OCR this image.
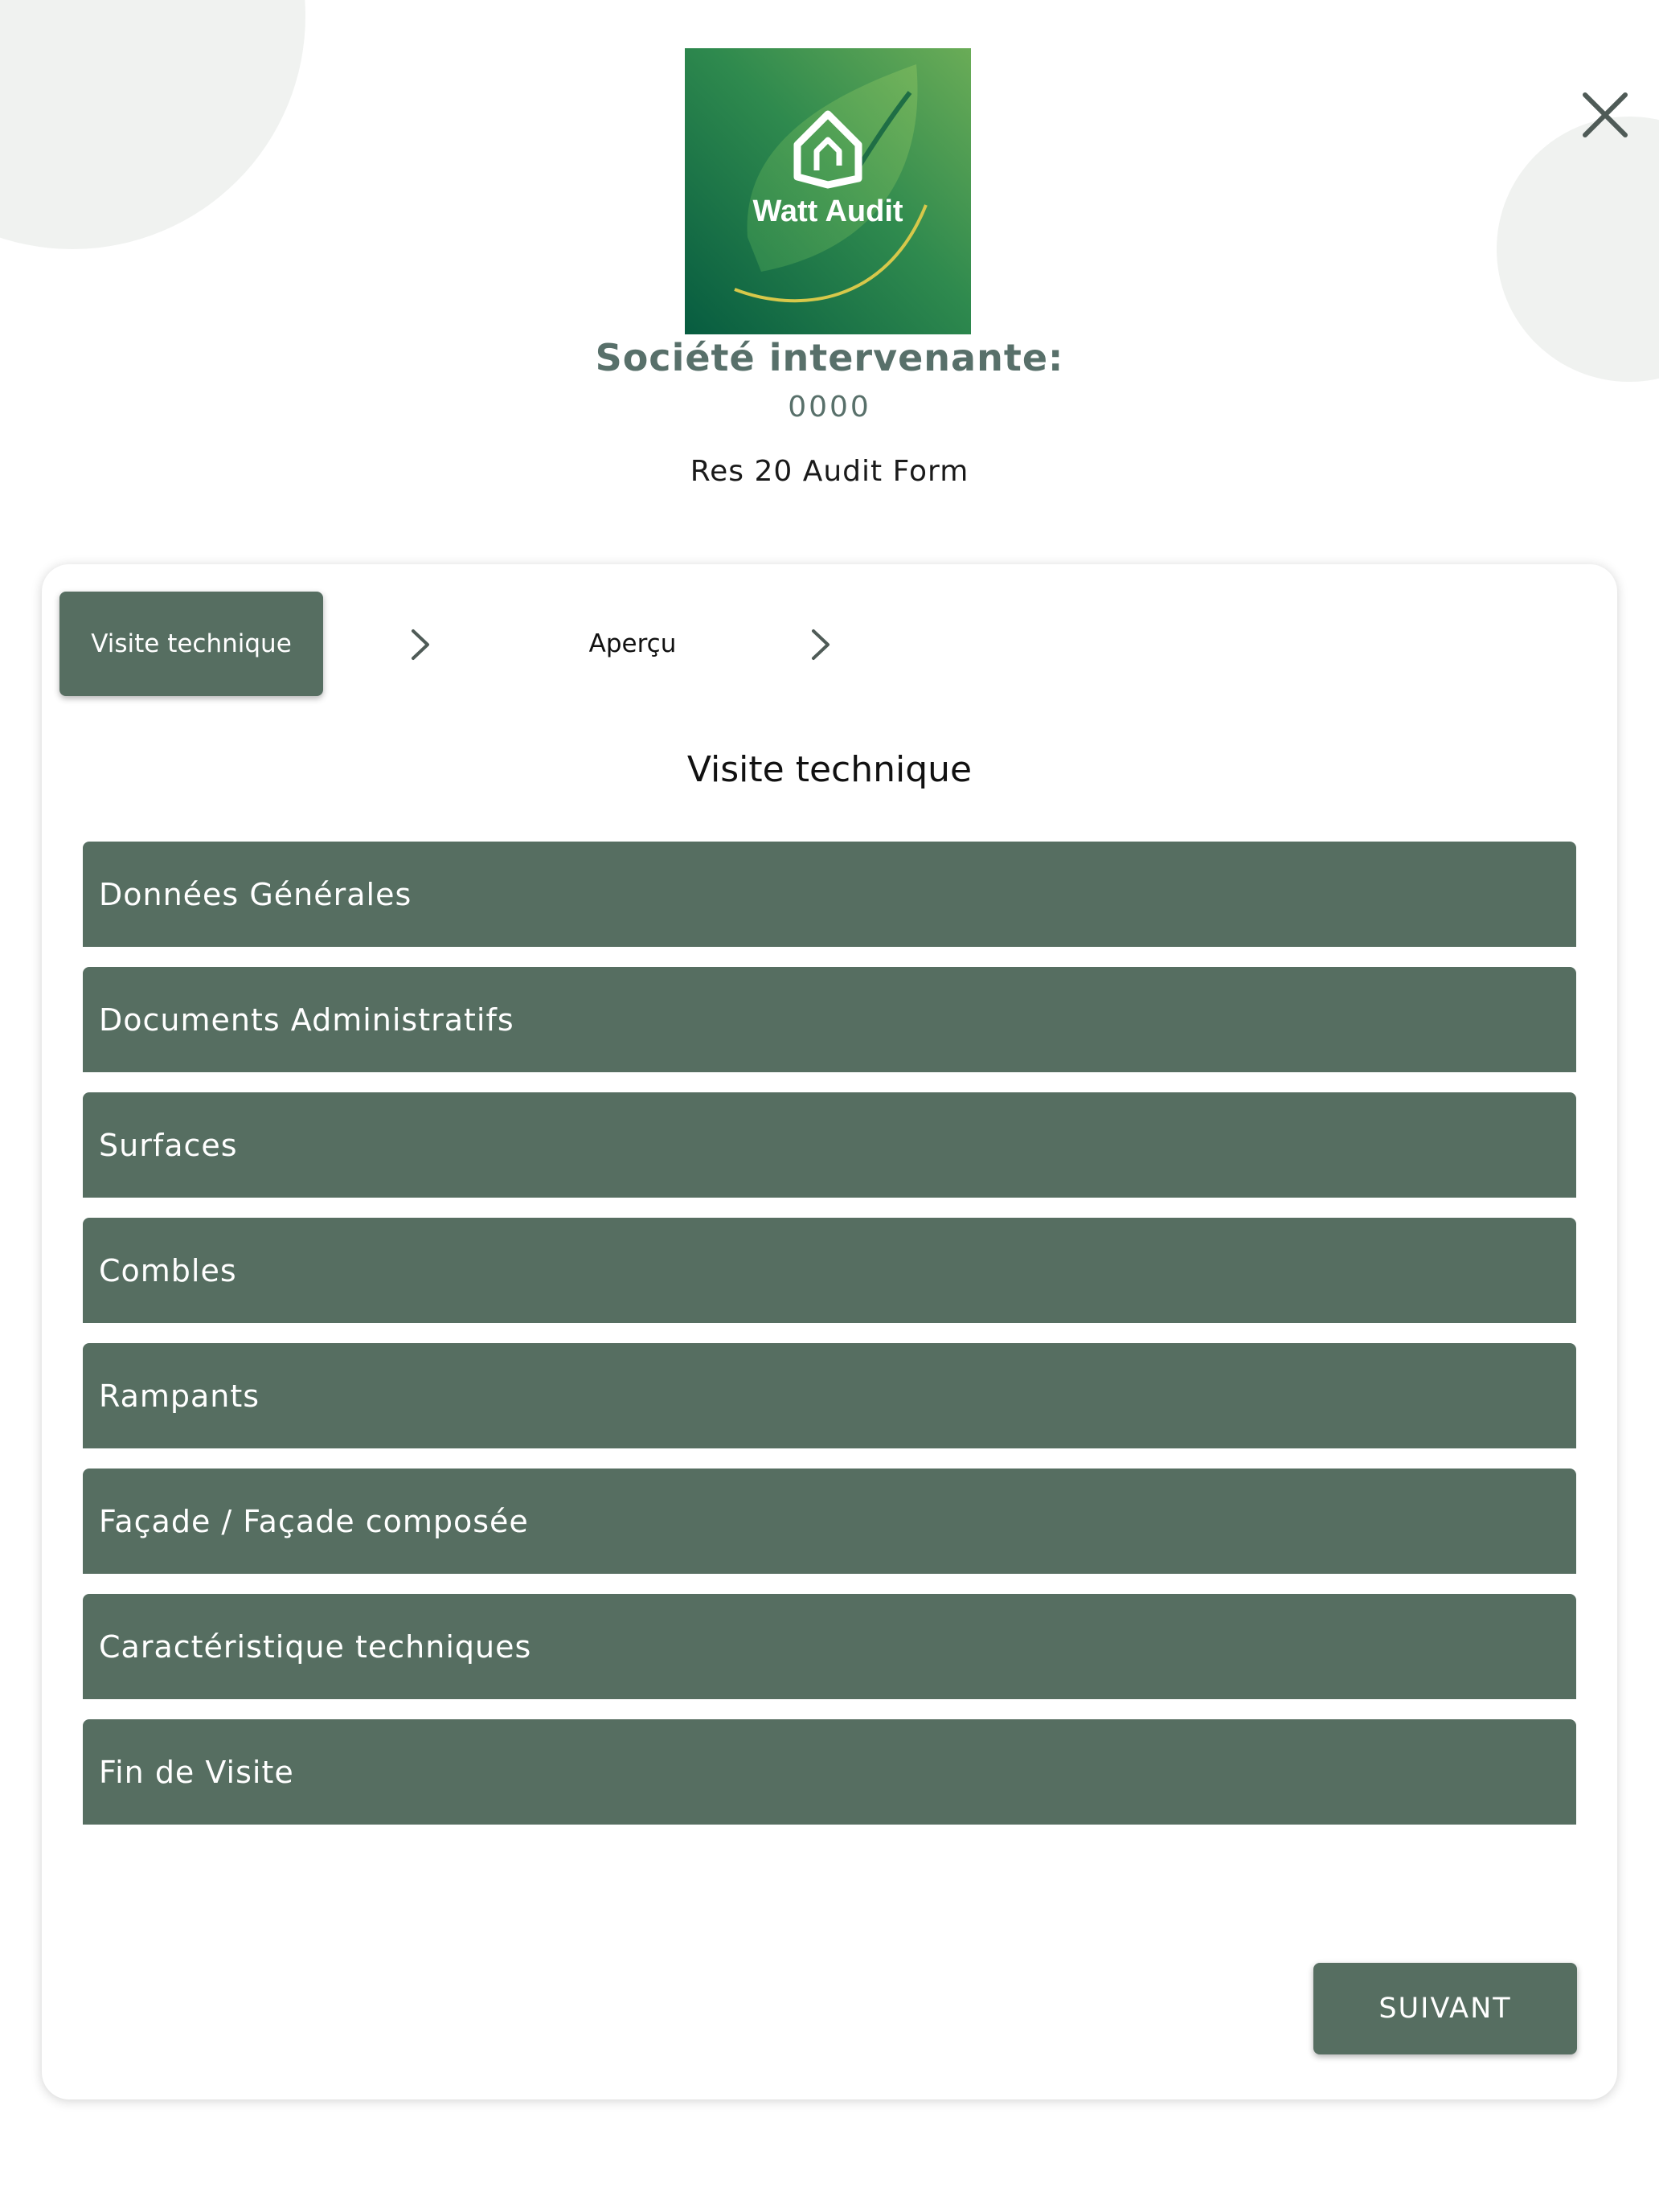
Watt Audit
Société intervenante:
0000
Res 20 Audit Form
Visite technique	Aperçu
Visite technique
Données Générales
Documents Administratifs
Surfaces
Combles
Rampants
Façade / Façade composée
Caractéristique techniques
Fin de Visite
SUIVANT
